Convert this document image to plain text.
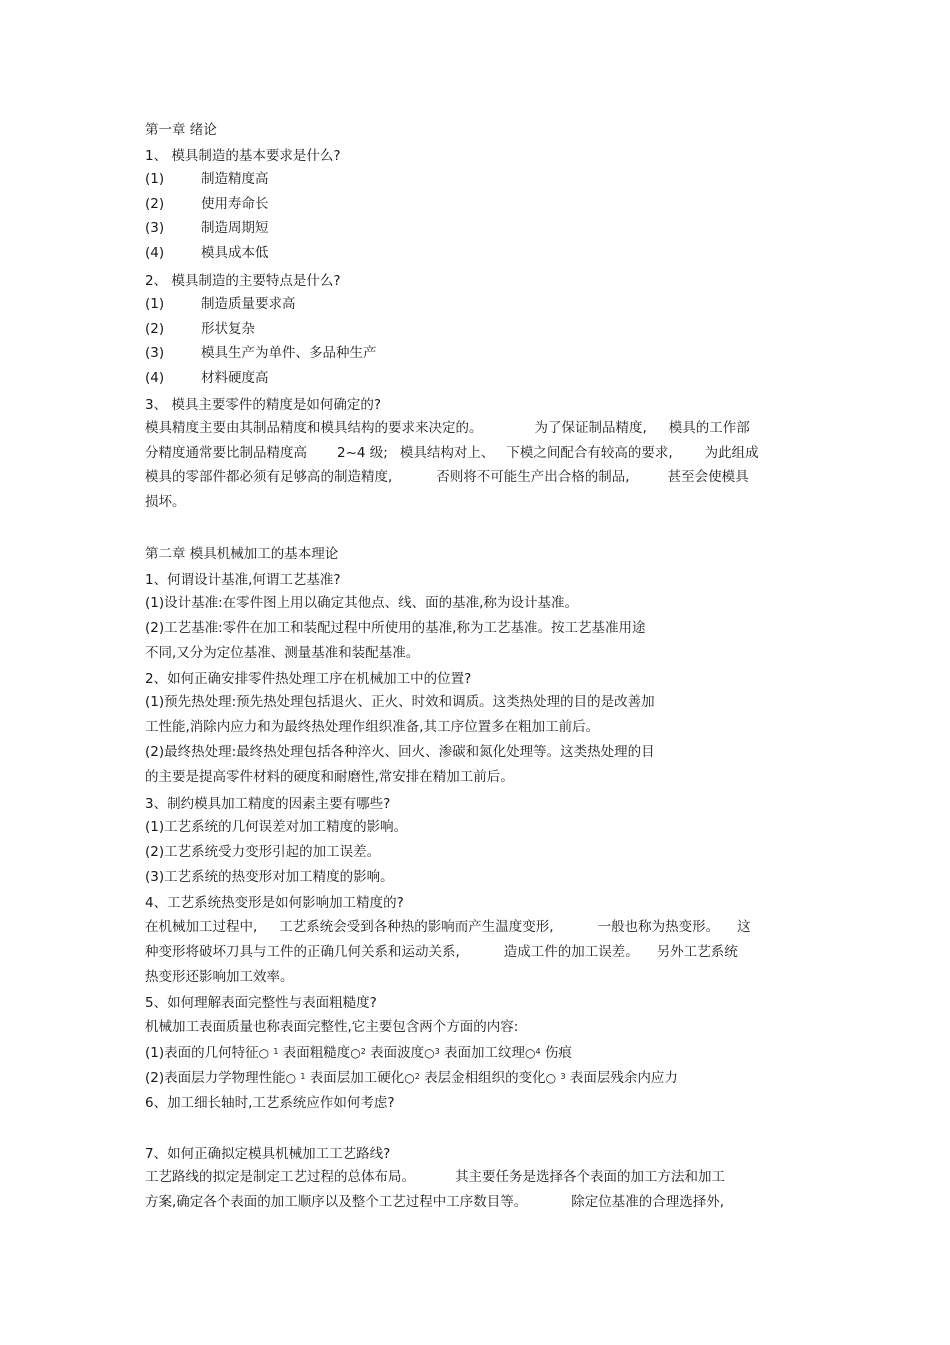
第一章 绪论
1、 模具制造的基本要求是什么?
(1)	制造精度高
(2)	使用寿命长
(3)	制造周期短
(4)	模具成本低
2、 模具制造的主要特点是什么?
(1)	制造质量要求高
(2)	形状复杂
(3)	模具生产为单件、多品种生产
(4)	材料硬度高
3、 模具主要零件的精度是如何确定的?
模具精度主要由其制品精度和模具结构的要求来决定的。	为了保证制品精度, 模具的工作部
分精度通常要比制品精度高 2~4 级; 模具结构对上、 下模之间配合有较高的要求, 为此组成
模具的零部件都必须有足够高的制造精度,	否则将不可能生产出合格的制品,	甚至会使模具
损坏。
第二章 模具机械加工的基本理论
1、何谓设计基准,何谓工艺基准?
(1)设计基准:在零件图上用以确定其他点、线、面的基准,称为设计基准。
(2)工艺基准:零件在加工和装配过程中所使用的基准,称为工艺基准。按工艺基准用途
不同,又分为定位基准、测量基准和装配基准。
2、如何正确安排零件热处理工序在机械加工中的位置?
(1)预先热处理:预先热处理包括退火、正火、时效和调质。这类热处理的目的是改善加
工性能,消除内应力和为最终热处理作组织准备,其工序位置多在粗加工前后。
(2)最终热处理:最终热处理包括各种淬火、回火、渗碳和氮化处理等。这类热处理的目
的主要是提高零件材料的硬度和耐磨性,常安排在精加工前后。
3、制约模具加工精度的因素主要有哪些?
(1)工艺系统的几何误差对加工精度的影响。
(2)工艺系统受力变形引起的加工误差。
(3)工艺系统的热变形对加工精度的影响。
4、工艺系统热变形是如何影响加工精度的?
在机械加工过程中, 工艺系统会受到各种热的影响而产生温度变形,	一般也称为热变形。 这
种变形将破坏刀具与工件的正确几何关系和运动关系,	造成工件的加工误差。 另外工艺系统
热变形还影响加工效率。
5、如何理解表面完整性与表面粗糙度?
机械加工表面质量也称表面完整性,它主要包含两个方面的内容:
(1)表面的几何特征○ $^1$ 表面粗糙度○$^2$ 表面波度○$^3$ 表面加工纹理○$^4$ 伤痕
(2)表面层力学物理性能○ $^1$ 表面层加工硬化○$^2$ 表层金相组织的变化○ $^3$ 表面层残余内应力
6、加工细长轴时,工艺系统应作如何考虑?
7、如何正确拟定模具机械加工工艺路线?
工艺路线的拟定是制定工艺过程的总体布局。	其主要任务是选择各个表面的加工方法和加工
方案,确定各个表面的加工顺序以及整个工艺过程中工序数目等。	除定位基准的合理选择外,
